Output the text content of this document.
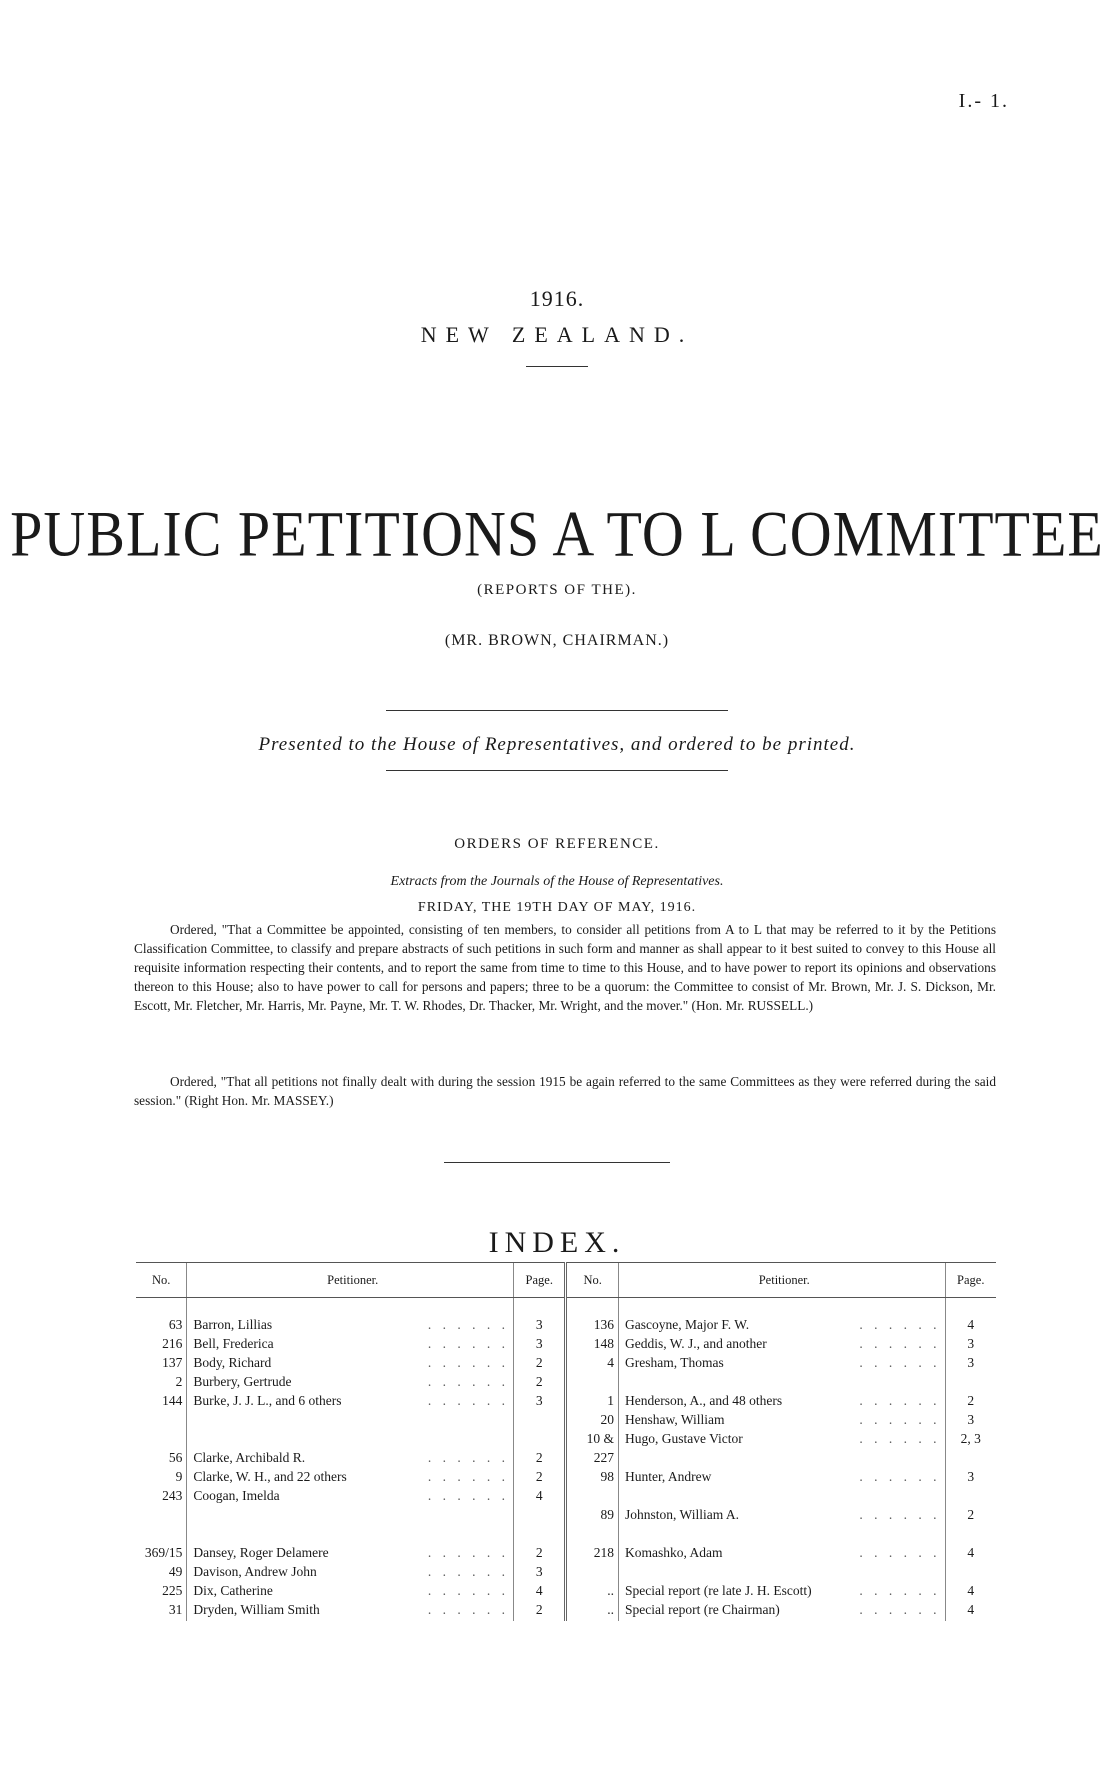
I.- 1.
1916.
NEW ZEALAND.
PUBLIC PETITIONS A TO L COMMITTEE
(REPORTS OF THE).
(MR. BROWN, CHAIRMAN.)
Presented to the House of Representatives, and ordered to be printed.
ORDERS OF REFERENCE.
Extracts from the Journals of the House of Representatives.
FRIDAY, THE 19TH DAY OF MAY, 1916.
Ordered, "That a Committee be appointed, consisting of ten members, to consider all petitions from A to L that may be referred to it by the Petitions Classification Committee, to classify and prepare abstracts of such petitions in such form and manner as shall appear to it best suited to convey to this House all requisite information respecting their contents, and to report the same from time to time to this House, and to have power to report its opinions and observations thereon to this House; also to have power to call for persons and papers; three to be a quorum: the Committee to consist of Mr. Brown, Mr. J. S. Dickson, Mr. Escott, Mr. Fletcher, Mr. Harris, Mr. Payne, Mr. T. W. Rhodes, Dr. Thacker, Mr. Wright, and the mover." (Hon. Mr. RUSSELL.)
Ordered, "That all petitions not finally dealt with during the session 1915 be again referred to the same Committees as they were referred during the said session." (Right Hon. Mr. MASSEY.)
INDEX.
No.	Petitioner.	Page.	No.	Petitioner.	Page.

63	Barron, Lillias . . . . . .	3	136	Gascoyne, Major F. W. . . . . . .	4
216	Bell, Frederica . . . . . .	3	148	Geddis, W. J., and another . . . . . .	3
137	Body, Richard . . . . . .	2	4	Gresham, Thomas . . . . . .	3
2	Burbery, Gertrude . . . . . .	2			
144	Burke, J. J. L., and 6 others . . . . . .	3	1	Henderson, A., and 48 others . . . . . .	2
			20	Henshaw, William . . . . . .	3
			10 &	Hugo, Gustave Victor . . . . . .	2, 3
56	Clarke, Archibald R. . . . . . .	2	227		
9	Clarke, W. H., and 22 others . . . . . .	2	98	Hunter, Andrew . . . . . .	3
243	Coogan, Imelda . . . . . .	4			
			89	Johnston, William A. . . . . . .	2

369/15	Dansey, Roger Delamere . . . . . .	2	218	Komashko, Adam . . . . . .	4
49	Davison, Andrew John . . . . . .	3			
225	Dix, Catherine . . . . . .	4	..	Special report (re late J. H. Escott) . . . . . .	4
31	Dryden, William Smith . . . . . .	2	..	Special report (re Chairman) . . . . . .	4
